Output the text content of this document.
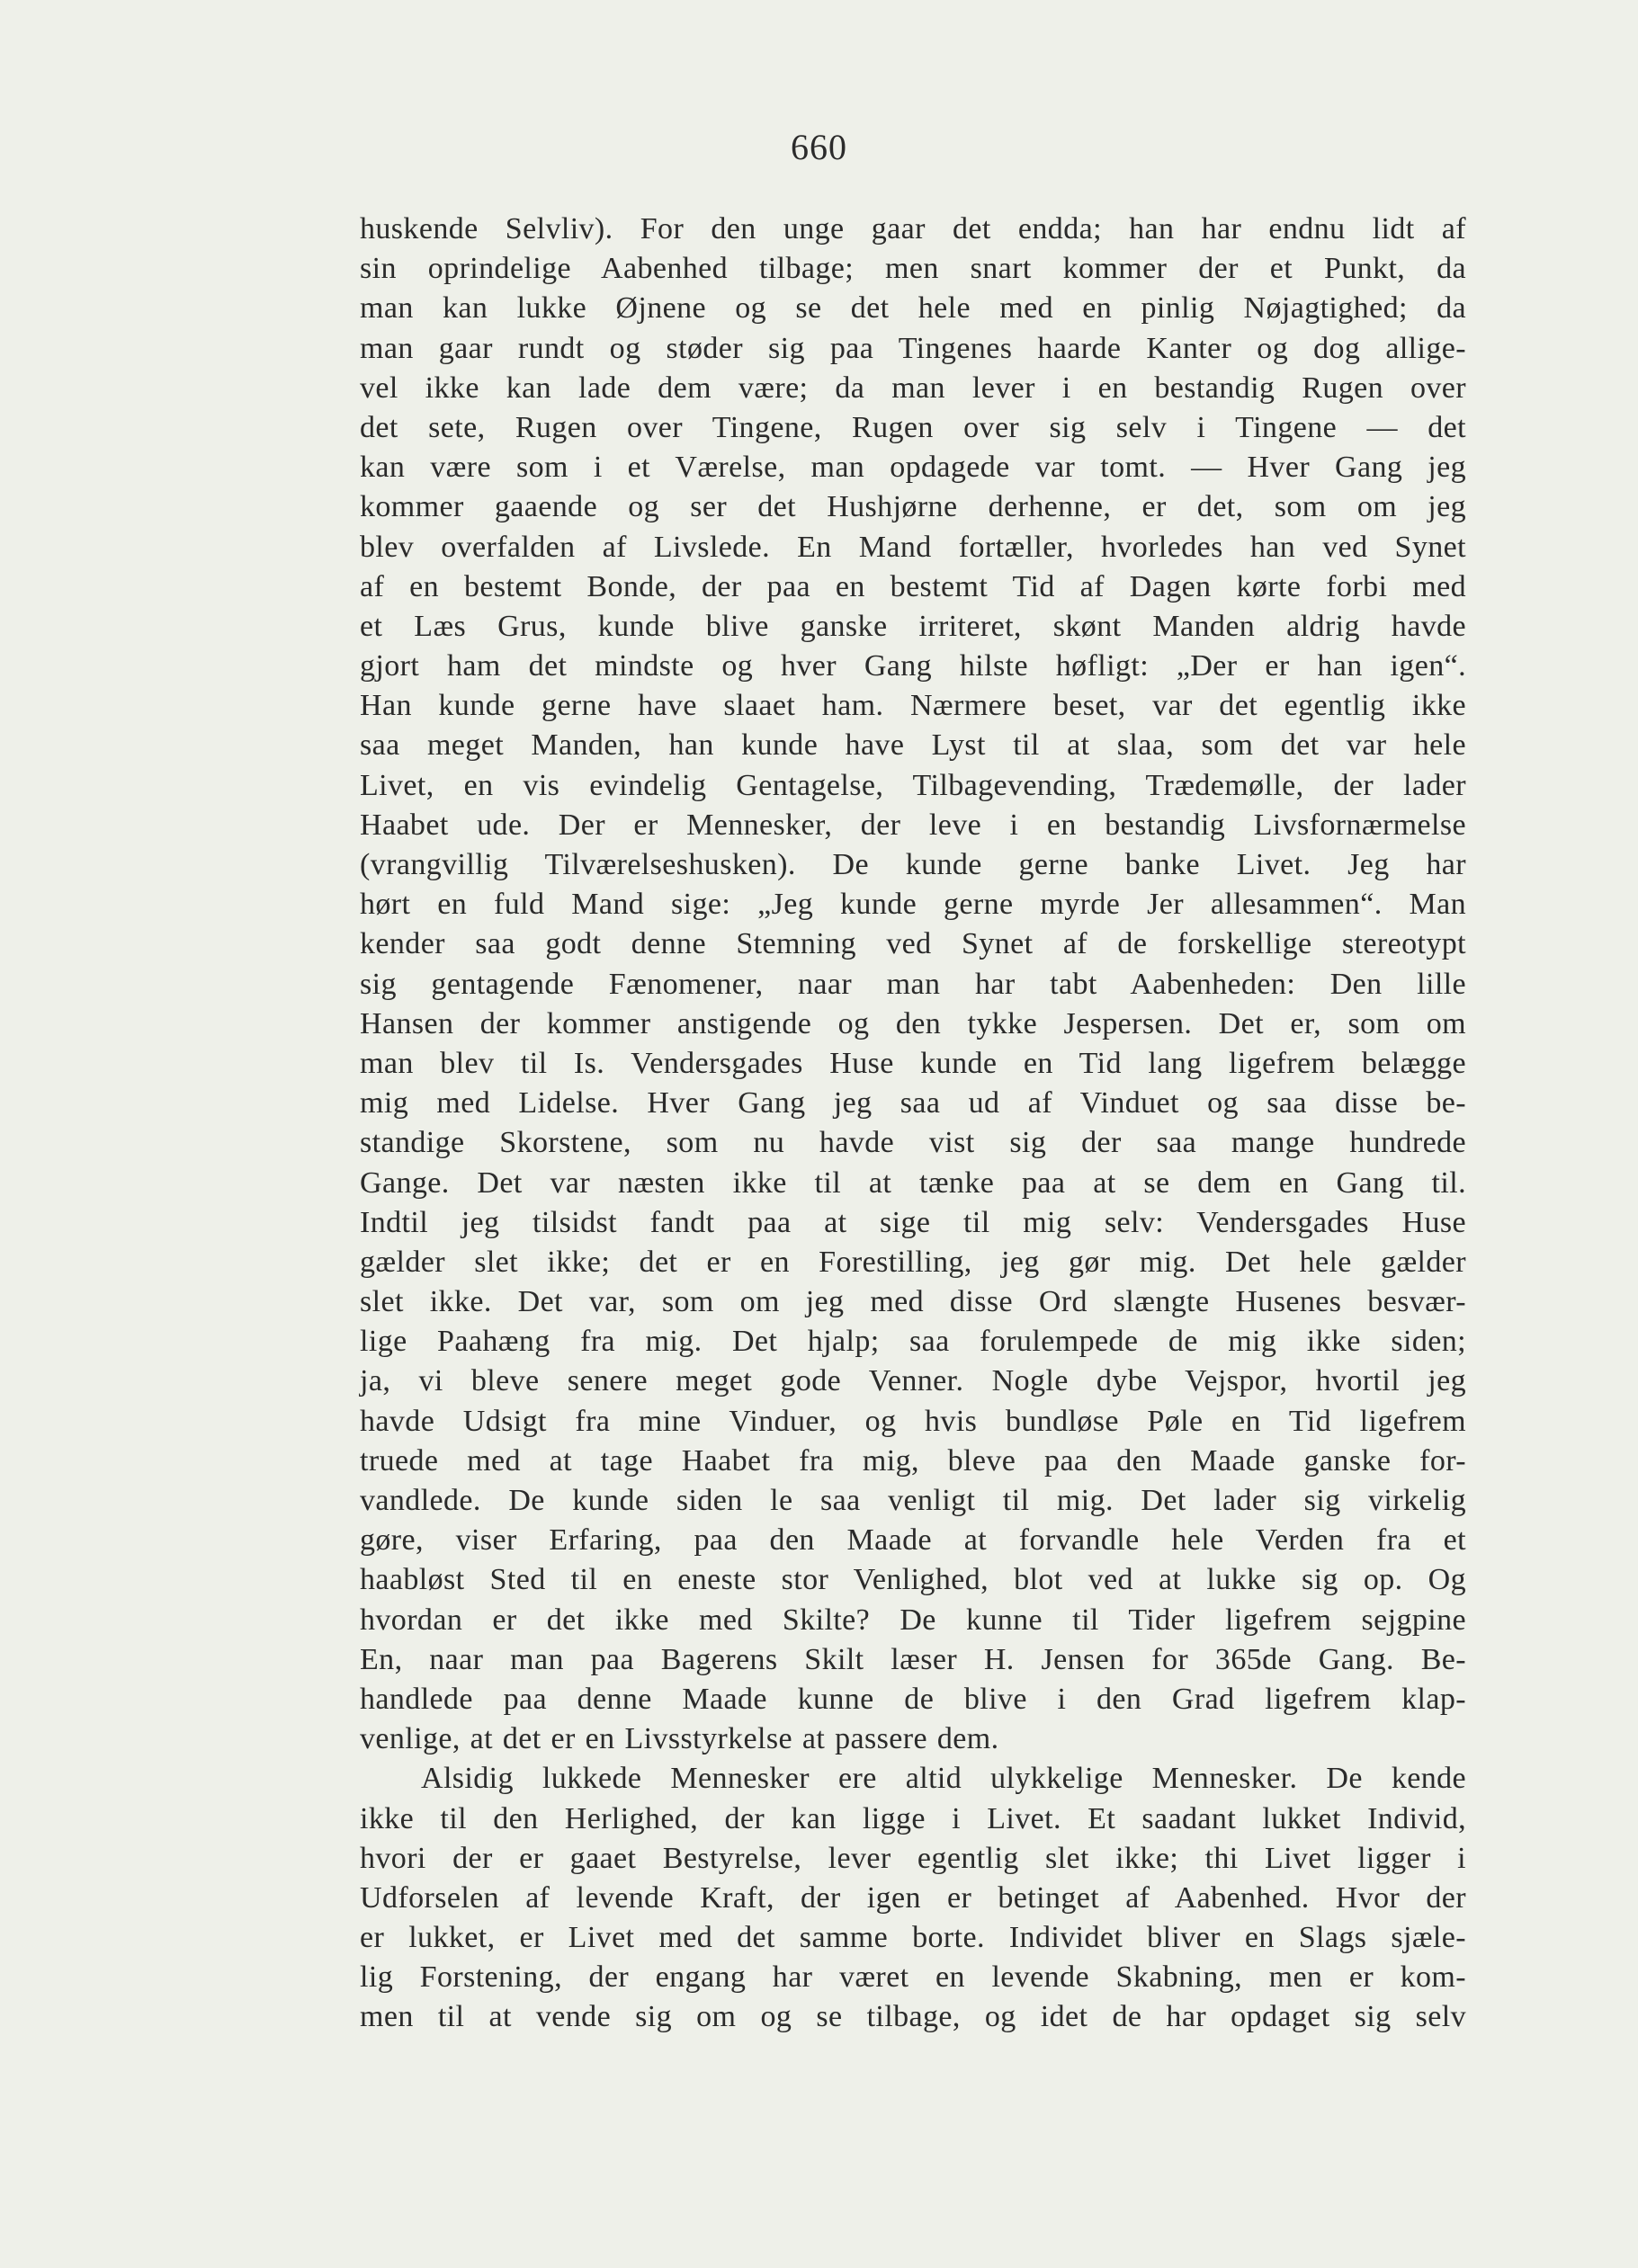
660
huskende Selvliv). For den unge gaar det endda; han har endnu lidt af
sin oprindelige Aabenhed tilbage; men snart kommer der et Punkt, da
man kan lukke Øjnene og se det hele med en pinlig Nøjagtighed; da
man gaar rundt og støder sig paa Tingenes haarde Kanter og dog allige-
vel ikke kan lade dem være; da man lever i en bestandig Rugen over
det sete, Rugen over Tingene, Rugen over sig selv i Tingene — det
kan være som i et Værelse, man opdagede var tomt. — Hver Gang jeg
kommer gaaende og ser det Hushjørne derhenne, er det, som om jeg
blev overfalden af Livslede. En Mand fortæller, hvorledes han ved Synet
af en bestemt Bonde, der paa en bestemt Tid af Dagen kørte forbi med
et Læs Grus, kunde blive ganske irriteret, skønt Manden aldrig havde
gjort ham det mindste og hver Gang hilste høfligt: „Der er han igen“.
Han kunde gerne have slaaet ham. Nærmere beset, var det egentlig ikke
saa meget Manden, han kunde have Lyst til at slaa, som det var hele
Livet, en vis evindelig Gentagelse, Tilbagevending, Trædemølle, der lader
Haabet ude. Der er Mennesker, der leve i en bestandig Livsfornærmelse
(vrangvillig Tilværelseshusken). De kunde gerne banke Livet. Jeg har
hørt en fuld Mand sige: „Jeg kunde gerne myrde Jer allesammen“. Man
kender saa godt denne Stemning ved Synet af de forskellige stereotypt
sig gentagende Fænomener, naar man har tabt Aabenheden: Den lille
Hansen der kommer anstigende og den tykke Jespersen. Det er, som om
man blev til Is. Vendersgades Huse kunde en Tid lang ligefrem belægge
mig med Lidelse. Hver Gang jeg saa ud af Vinduet og saa disse be-
standige Skorstene, som nu havde vist sig der saa mange hundrede
Gange. Det var næsten ikke til at tænke paa at se dem en Gang til.
Indtil jeg tilsidst fandt paa at sige til mig selv: Vendersgades Huse
gælder slet ikke; det er en Forestilling, jeg gør mig. Det hele gælder
slet ikke. Det var, som om jeg med disse Ord slængte Husenes besvær-
lige Paahæng fra mig. Det hjalp; saa forulempede de mig ikke siden;
ja, vi bleve senere meget gode Venner. Nogle dybe Vejspor, hvortil jeg
havde Udsigt fra mine Vinduer, og hvis bundløse Pøle en Tid ligefrem
truede med at tage Haabet fra mig, bleve paa den Maade ganske for-
vandlede. De kunde siden le saa venligt til mig. Det lader sig virkelig
gøre, viser Erfaring, paa den Maade at forvandle hele Verden fra et
haabløst Sted til en eneste stor Venlighed, blot ved at lukke sig op. Og
hvordan er det ikke med Skilte? De kunne til Tider ligefrem sejgpine
En, naar man paa Bagerens Skilt læser H. Jensen for 365de Gang. Be-
handlede paa denne Maade kunne de blive i den Grad ligefrem klap-
venlige, at det er en Livsstyrkelse at passere dem.
Alsidig lukkede Mennesker ere altid ulykkelige Mennesker. De kende
ikke til den Herlighed, der kan ligge i Livet. Et saadant lukket Individ,
hvori der er gaaet Bestyrelse, lever egentlig slet ikke; thi Livet ligger i
Udforselen af levende Kraft, der igen er betinget af Aabenhed. Hvor der
er lukket, er Livet med det samme borte. Individet bliver en Slags sjæle-
lig Forstening, der engang har været en levende Skabning, men er kom-
men til at vende sig om og se tilbage, og idet de har opdaget sig selv
